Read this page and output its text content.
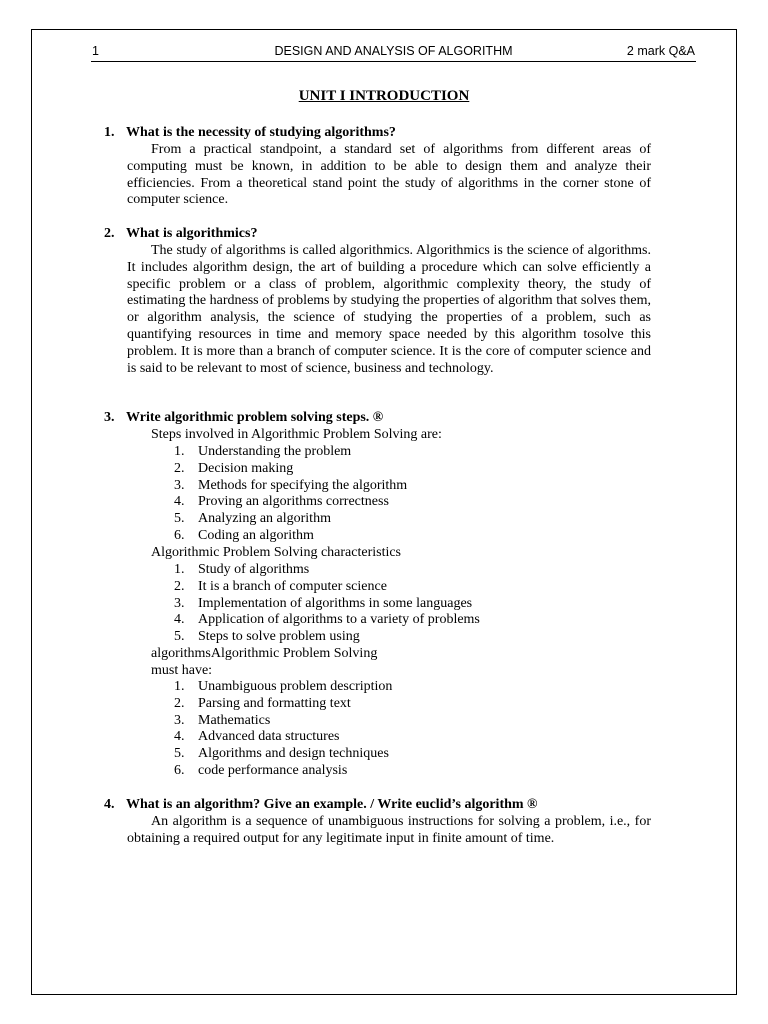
1	DESIGN AND ANALYSIS OF ALGORITHM	2 mark Q&A
UNIT I INTRODUCTION
1. What is the necessity of studying algorithms?
From a practical standpoint, a standard set of algorithms from different areas of computing must be known, in addition to be able to design them and analyze their efficiencies. From a theoretical stand point the study of algorithms in the corner stone of computer science.
2. What is algorithmics?
The study of algorithms is called algorithmics. Algorithmics is the science of algorithms. It includes algorithm design, the art of building a procedure which can solve efficiently a specific problem or a class of problem, algorithmic complexity theory, the study of estimating the hardness of problems by studying the properties of algorithm that solves them, or algorithm analysis, the science of studying the properties of a problem, such as quantifying resources in time and memory space needed by this algorithm tosolve this problem. It is more than a branch of computer science. It is the core of computer science and is said to be relevant to most of science, business and technology.
3. Write algorithmic problem solving steps. ®
Steps involved in Algorithmic Problem Solving are:
1. Understanding the problem
2. Decision making
3. Methods for specifying the algorithm
4. Proving an algorithms correctness
5. Analyzing an algorithm
6. Coding an algorithm
Algorithmic Problem Solving characteristics
1. Study of algorithms
2. It is a branch of computer science
3. Implementation of algorithms in some languages
4. Application of algorithms to a variety of problems
5. Steps to solve problem using
algorithmsAlgorithmic Problem Solving
must have:
1. Unambiguous problem description
2. Parsing and formatting text
3. Mathematics
4. Advanced data structures
5. Algorithms and design techniques
6. code performance analysis
4. What is an algorithm? Give an example. / Write euclid’s algorithm ®
An algorithm is a sequence of unambiguous instructions for solving a problem, i.e., for obtaining a required output for any legitimate input in finite amount of time.
